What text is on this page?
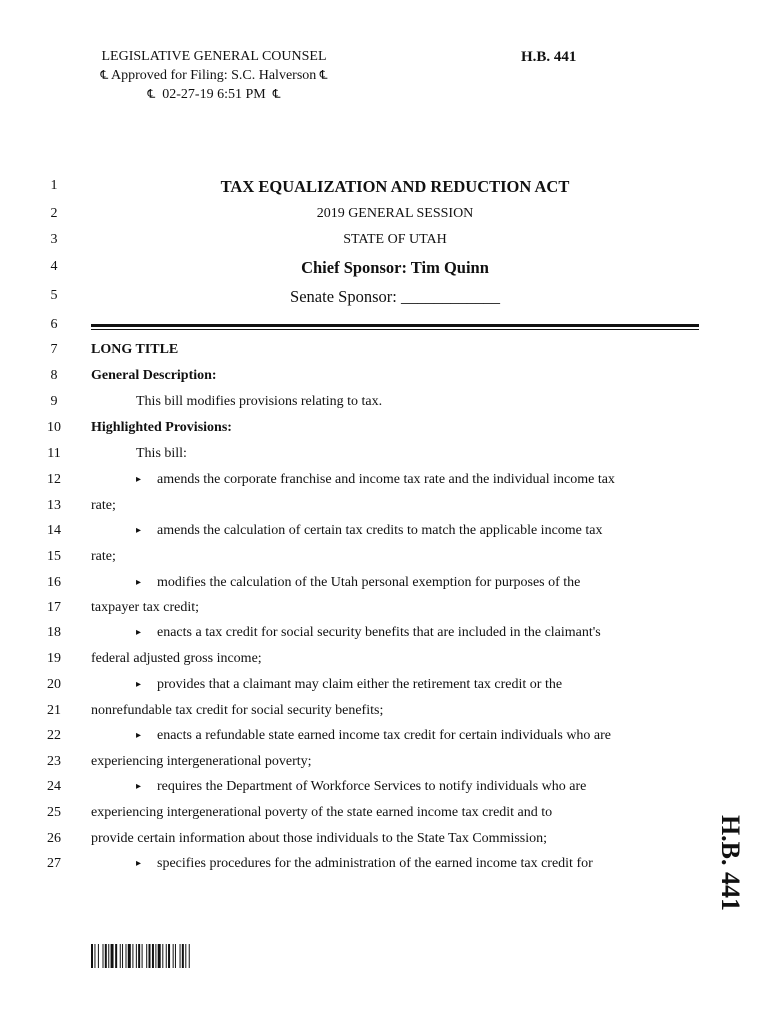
LEGISLATIVE GENERAL COUNSEL
℄ Approved for Filing: S.C. Halverson ℄
℄ 02-27-19 6:51 PM ℄
H.B. 441
1
2
3
4
5
6
7
8
9
10
11
12
13
14
15
16
17
18
19
20
21
22
23
24
25
26
27
TAX EQUALIZATION AND REDUCTION ACT
2019 GENERAL SESSION
STATE OF UTAH
Chief Sponsor: Tim Quinn
Senate Sponsor: ____________
LONG TITLE
General Description:
This bill modifies provisions relating to tax.
Highlighted Provisions:
This bill:
▸ amends the corporate franchise and income tax rate and the individual income tax
rate;
▸ amends the calculation of certain tax credits to match the applicable income tax
rate;
▸ modifies the calculation of the Utah personal exemption for purposes of the
taxpayer tax credit;
▸ enacts a tax credit for social security benefits that are included in the claimant's
federal adjusted gross income;
▸ provides that a claimant may claim either the retirement tax credit or the
nonrefundable tax credit for social security benefits;
▸ enacts a refundable state earned income tax credit for certain individuals who are
experiencing intergenerational poverty;
▸ requires the Department of Workforce Services to notify individuals who are
experiencing intergenerational poverty of the state earned income tax credit and to
provide certain information about those individuals to the State Tax Commission;
▸ specifies procedures for the administration of the earned income tax credit for	H.B. 441
